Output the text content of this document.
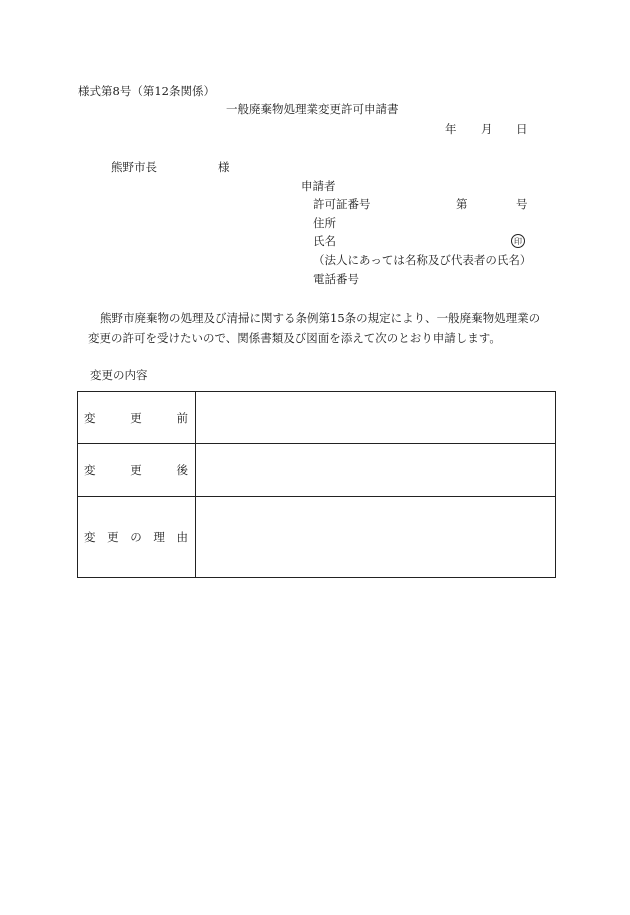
様式第8号（第12条関係）
一般廃棄物処理業変更許可申請書
年 月 日
熊野市長	様
申請者
許可証番号	第	号
住所
氏名	印
（法人にあっては名称及び代表者の氏名）
電話番号
熊野市廃棄物の処理及び清掃に関する条例第15条の規定により、一般廃棄物処理業の
変更の許可を受けたいので、関係書類及び図面を添えて次のとおり申請します。
変更の内容
変 更 前	

変 更 後	

変 更 の 理 由	
